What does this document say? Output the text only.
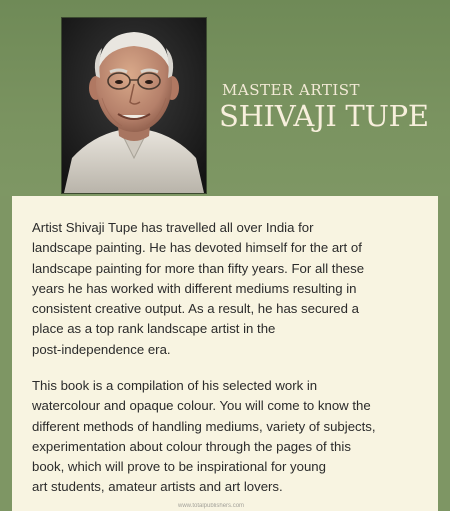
MASTER ARTIST
SHIVAJI TUPE

Artist Shivaji Tupe has travelled all over India for
landscape painting. He has devoted himself for the art of
landscape painting for more than fifty years. For all these
years he has worked with different mediums resulting in
consistent creative output. As a result, he has secured a
place as a top rank landscape artist in the
post-independence era.

This book is a compilation of his selected work in
watercolour and opaque colour. You will come to know the
different methods of handling mediums, variety of subjects,
experimentation about colour through the pages of this
book, which will prove to be inspirational for young
art students, amateur artists and art lovers.

www.totalpublishers.com
